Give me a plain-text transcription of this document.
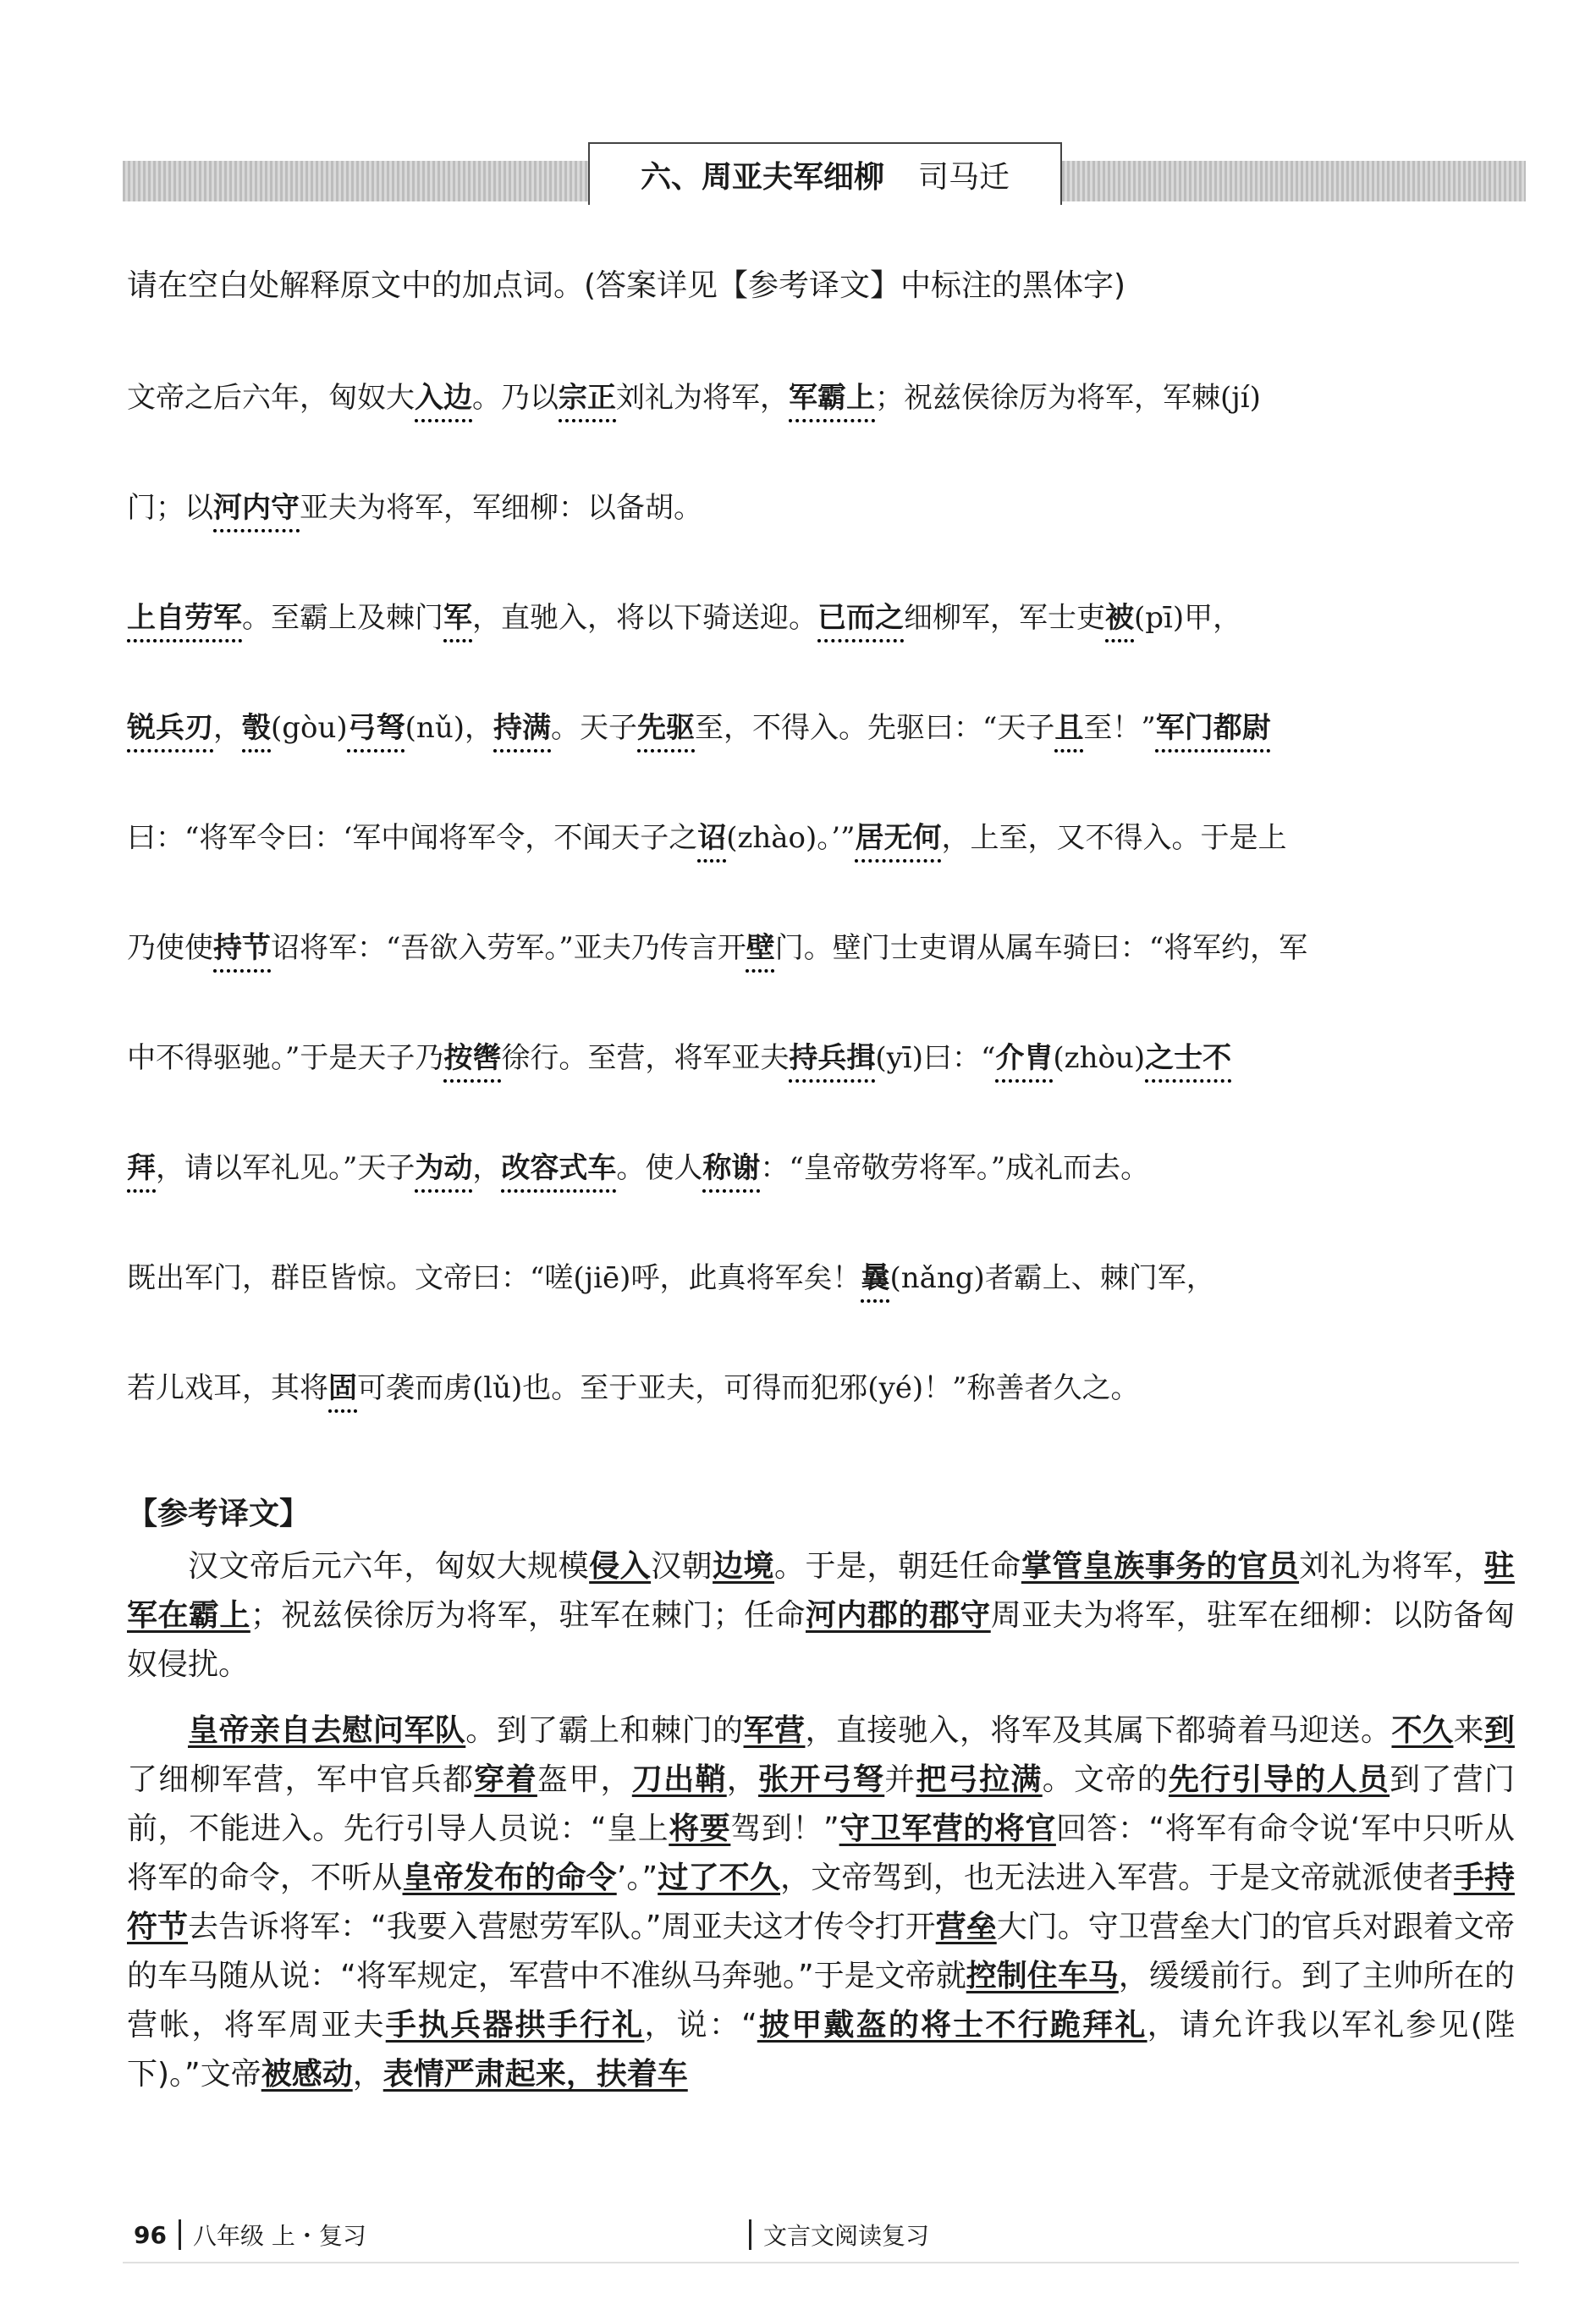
六、周亚夫军细柳 司马迁
请在空白处解释原文中的加点词。(答案详见【参考译文】中标注的黑体字)
文帝之后六年，匈奴大入边。乃以宗正刘礼为将军，军霸上；祝兹侯徐厉为将军，军棘(jí)
门；以河内守亚夫为将军，军细柳：以备胡。
上自劳军。至霸上及棘门军，直驰入，将以下骑送迎。已而之细柳军，军士吏被(pī)甲，
锐兵刃，彀(gòu)弓弩(nǔ)，持满。天子先驱至，不得入。先驱曰：“天子且至！”军门都尉
曰：“将军令曰：‘军中闻将军令，不闻天子之诏(zhào)。’”居无何，上至，又不得入。于是上
乃使使持节诏将军：“吾欲入劳军。”亚夫乃传言开壁门。壁门士吏谓从属车骑曰：“将军约，军
中不得驱驰。”于是天子乃按辔徐行。至营，将军亚夫持兵揖(yī)曰：“介胄(zhòu)之士不
拜，请以军礼见。”天子为动，改容式车。使人称谢：“皇帝敬劳将军。”成礼而去。
既出军门，群臣皆惊。文帝曰：“嗟(jiē)呼，此真将军矣！曩(nǎng)者霸上、棘门军，
若儿戏耳，其将固可袭而虏(lǔ)也。至于亚夫，可得而犯邪(yé)！”称善者久之。
【参考译文】

汉文帝后元六年，匈奴大规模侵入汉朝边境。于是，朝廷任命掌管皇族事务的官员刘礼为将军，驻军在霸上；祝兹侯徐厉为将军，驻军在棘门；任命河内郡的郡守周亚夫为将军，驻军在细柳：以防备匈奴侵扰。

皇帝亲自去慰问军队。到了霸上和棘门的军营，直接驰入，将军及其属下都骑着马迎送。不久来到了细柳军营，军中官兵都穿着盔甲，刀出鞘，张开弓弩并把弓拉满。文帝的先行引导的人员到了营门前，不能进入。先行引导人员说：“皇上将要驾到！”守卫军营的将官回答：“将军有命令说‘军中只听从将军的命令，不听从皇帝发布的命令’。”过了不久，文帝驾到，也无法进入军营。于是文帝就派使者手持符节去告诉将军：“我要入营慰劳军队。”周亚夫这才传令打开营垒大门。守卫营垒大门的官兵对跟着文帝的车马随从说：“将军规定，军营中不准纵马奔驰。”于是文帝就控制住车马，缓缓前行。到了主帅所在的营帐，将军周亚夫手执兵器拱手行礼，说：“披甲戴盔的将士不行跪拜礼，请允许我以军礼参见(陛下)。”文帝被感动，表情严肃起来，扶着车

96 八年级 上・复习	文言文阅读复习
